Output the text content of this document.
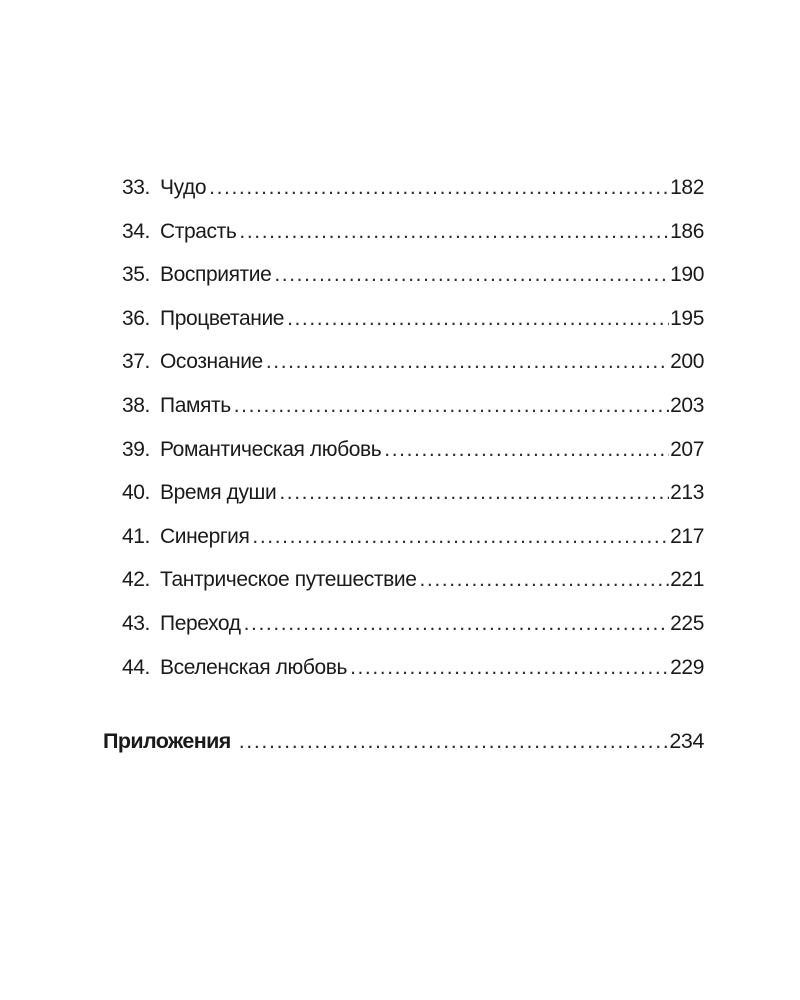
33. Чудо .....	182
34. Страсть .....	186
35. Восприятие .....	190
36. Процветание .....	195
37. Осознание .....	200
38. Память .....	203
39. Романтическая любовь .....	207
40. Время души .....	213
41. Синергия .....	217
42. Тантрическое путешествие .....	221
43. Переход .....	225
44. Вселенская любовь .....	229
Приложения .....	234
